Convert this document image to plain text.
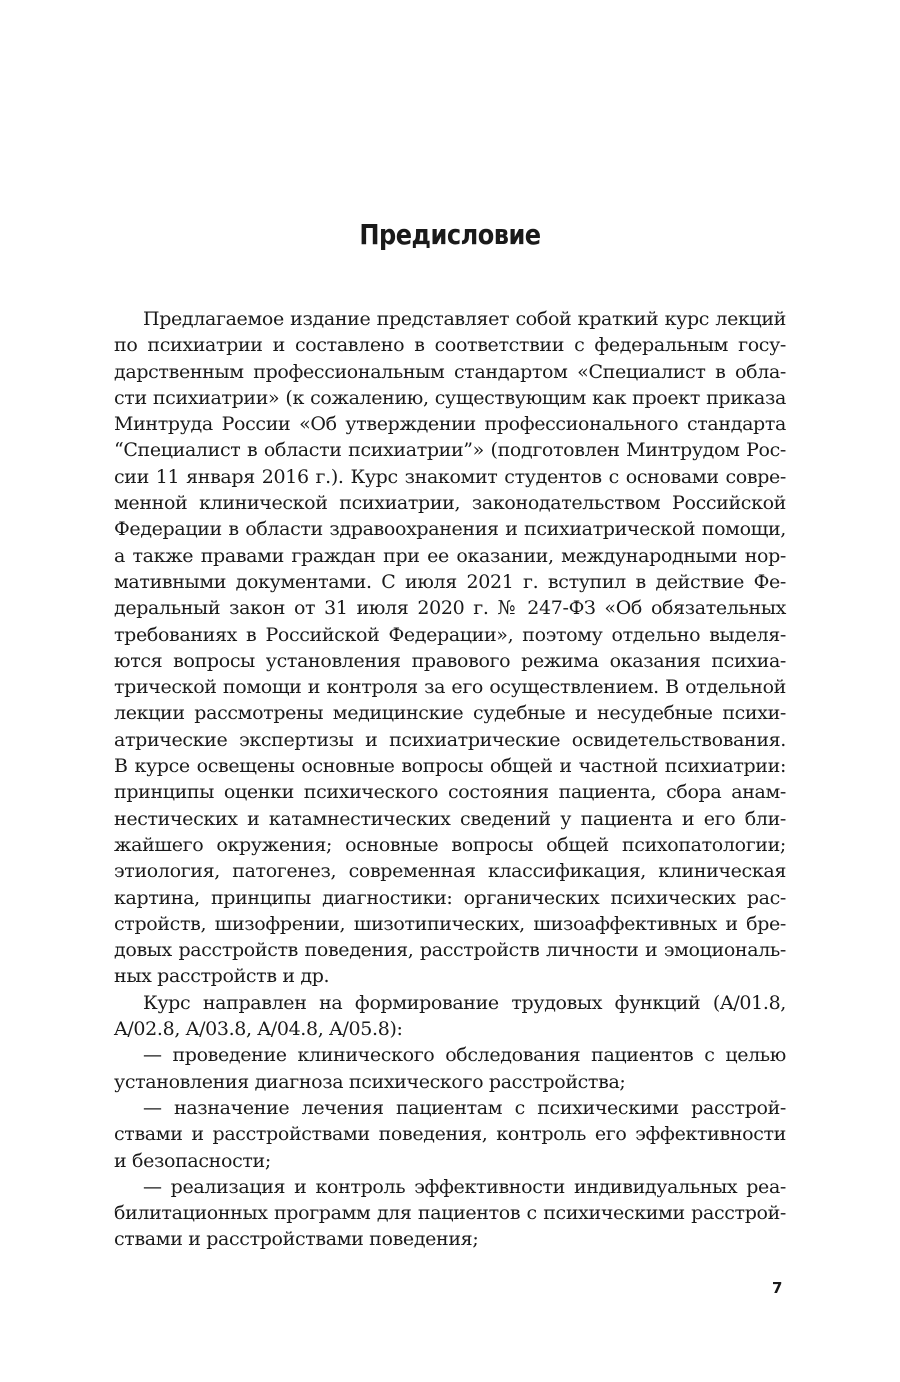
Предисловие

Предлагаемое издание представляет собой краткий курс лекций
по психиатрии и составлено в соответствии с федеральным госу-
дарственным профессиональным стандартом «Специалист в обла-
сти психиатрии» (к сожалению, существующим как проект приказа
Минтруда России «Об утверждении профессионального стандарта
“Специалист в области психиатрии”» (подготовлен Минтрудом Рос-
сии 11 января 2016 г.). Курс знакомит студентов с основами совре-
менной клинической психиатрии, законодательством Российской
Федерации в области здравоохранения и психиатрической помощи,
а также правами граждан при ее оказании, международными нор-
мативными документами. С июля 2021 г. вступил в действие Фе-
деральный закон от 31 июля 2020 г. № 247-ФЗ «Об обязательных
требованиях в Российской Федерации», поэтому отдельно выделя-
ются вопросы установления правового режима оказания психиа-
трической помощи и контроля за его осуществлением. В отдельной
лекции рассмотрены медицинские судебные и несудебные психи-
атрические экспертизы и психиатрические освидетельствования.
В курсе освещены основные вопросы общей и частной психиатрии:
принципы оценки психического состояния пациента, сбора анам-
нестических и катамнестических сведений у пациента и его бли-
жайшего окружения; основные вопросы общей психопатологии;
этиология, патогенез, современная классификация, клиническая
картина, принципы диагностики: органических психических рас-
стройств, шизофрении, шизотипических, шизоаффективных и бре-
довых расстройств поведения, расстройств личности и эмоциональ-
ных расстройств и др.

Курс направлен на формирование трудовых функций (A/01.8,
A/02.8, A/03.8, A/04.8, A/05.8):

— проведение клинического обследования пациентов с целью
установления диагноза психического расстройства;

— назначение лечения пациентам с психическими расстрой-
ствами и расстройствами поведения, контроль его эффективности
и безопасности;

— реализация и контроль эффективности индивидуальных реа-
билитационных программ для пациентов с психическими расстрой-
ствами и расстройствами поведения;

7
